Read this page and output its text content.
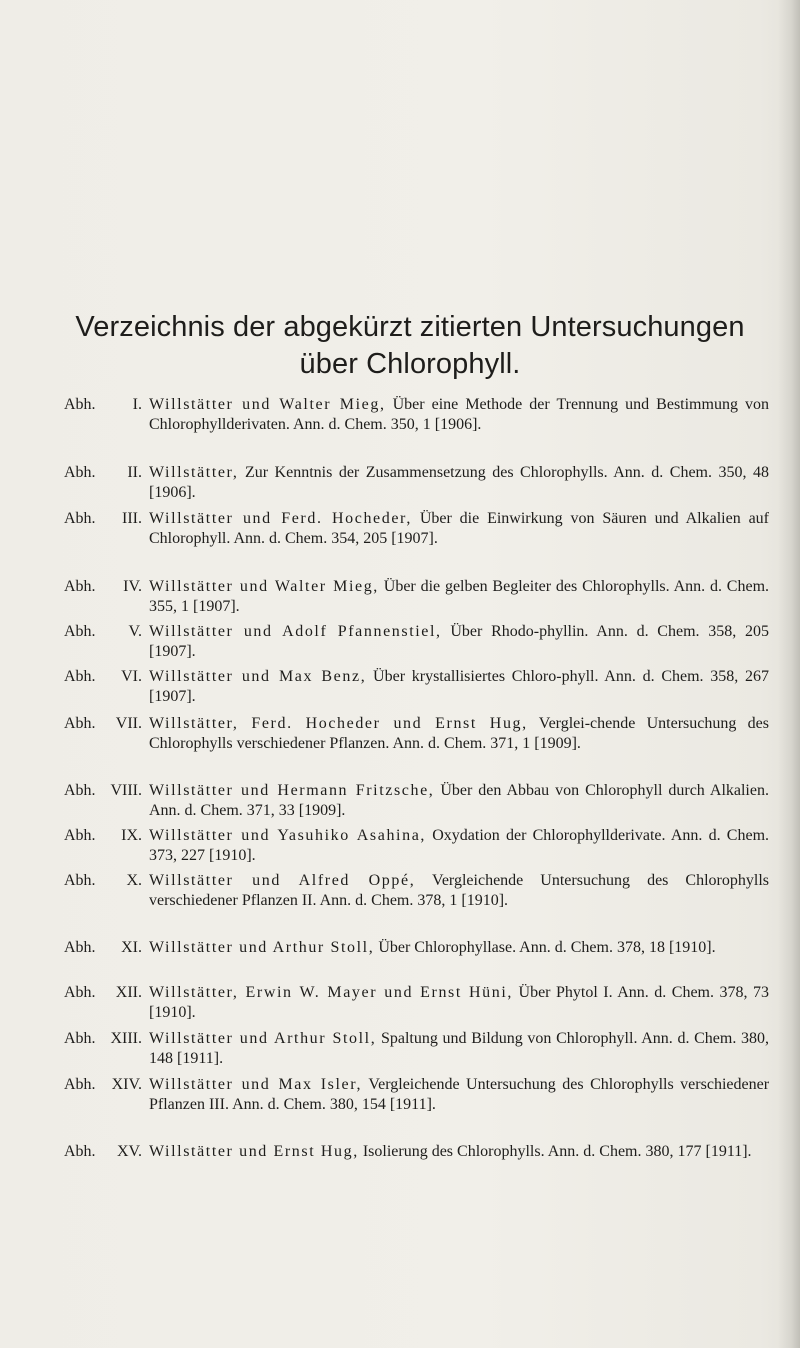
Verzeichnis der abgekürzt zitierten Untersuchungen
über Chlorophyll.
Abh. I. Willstätter und Walter Mieg, Über eine Methode der Trennung und Bestimmung von Chlorophyllderivaten. Ann. d. Chem. 350, 1 [1906].
Abh. II. Willstätter, Zur Kenntnis der Zusammensetzung des Chlorophylls. Ann. d. Chem. 350, 48 [1906].
Abh. III. Willstätter und Ferd. Hocheder, Über die Einwirkung von Säuren und Alkalien auf Chlorophyll. Ann. d. Chem. 354, 205 [1907].
Abh. IV. Willstätter und Walter Mieg, Über die gelben Begleiter des Chlorophylls. Ann. d. Chem. 355, 1 [1907].
Abh. V. Willstätter und Adolf Pfannenstiel, Über Rhodo-phyllin. Ann. d. Chem. 358, 205 [1907].
Abh. VI. Willstätter und Max Benz, Über krystallisiertes Chloro-phyll. Ann. d. Chem. 358, 267 [1907].
Abh. VII. Willstätter, Ferd. Hocheder und Ernst Hug, Verglei-chende Untersuchung des Chlorophylls verschiedener Pflanzen. Ann. d. Chem. 371, 1 [1909].
Abh. VIII. Willstätter und Hermann Fritzsche, Über den Abbau von Chlorophyll durch Alkalien. Ann. d. Chem. 371, 33 [1909].
Abh. IX. Willstätter und Yasuhiko Asahina, Oxydation der Chlorophyllderivate. Ann. d. Chem. 373, 227 [1910].
Abh. X. Willstätter und Alfred Oppé, Vergleichende Untersuchung des Chlorophylls verschiedener Pflanzen II. Ann. d. Chem. 378, 1 [1910].
Abh. XI. Willstätter und Arthur Stoll, Über Chlorophyllase. Ann. d. Chem. 378, 18 [1910].
Abh. XII. Willstätter, Erwin W. Mayer und Ernst Hüni, Über Phytol I. Ann. d. Chem. 378, 73 [1910].
Abh. XIII. Willstätter und Arthur Stoll, Spaltung und Bildung von Chlorophyll. Ann. d. Chem. 380, 148 [1911].
Abh. XIV. Willstätter und Max Isler, Vergleichende Untersuchung des Chlorophylls verschiedener Pflanzen III. Ann. d. Chem. 380, 154 [1911].
Abh. XV. Willstätter und Ernst Hug, Isolierung des Chlorophylls. Ann. d. Chem. 380, 177 [1911].
